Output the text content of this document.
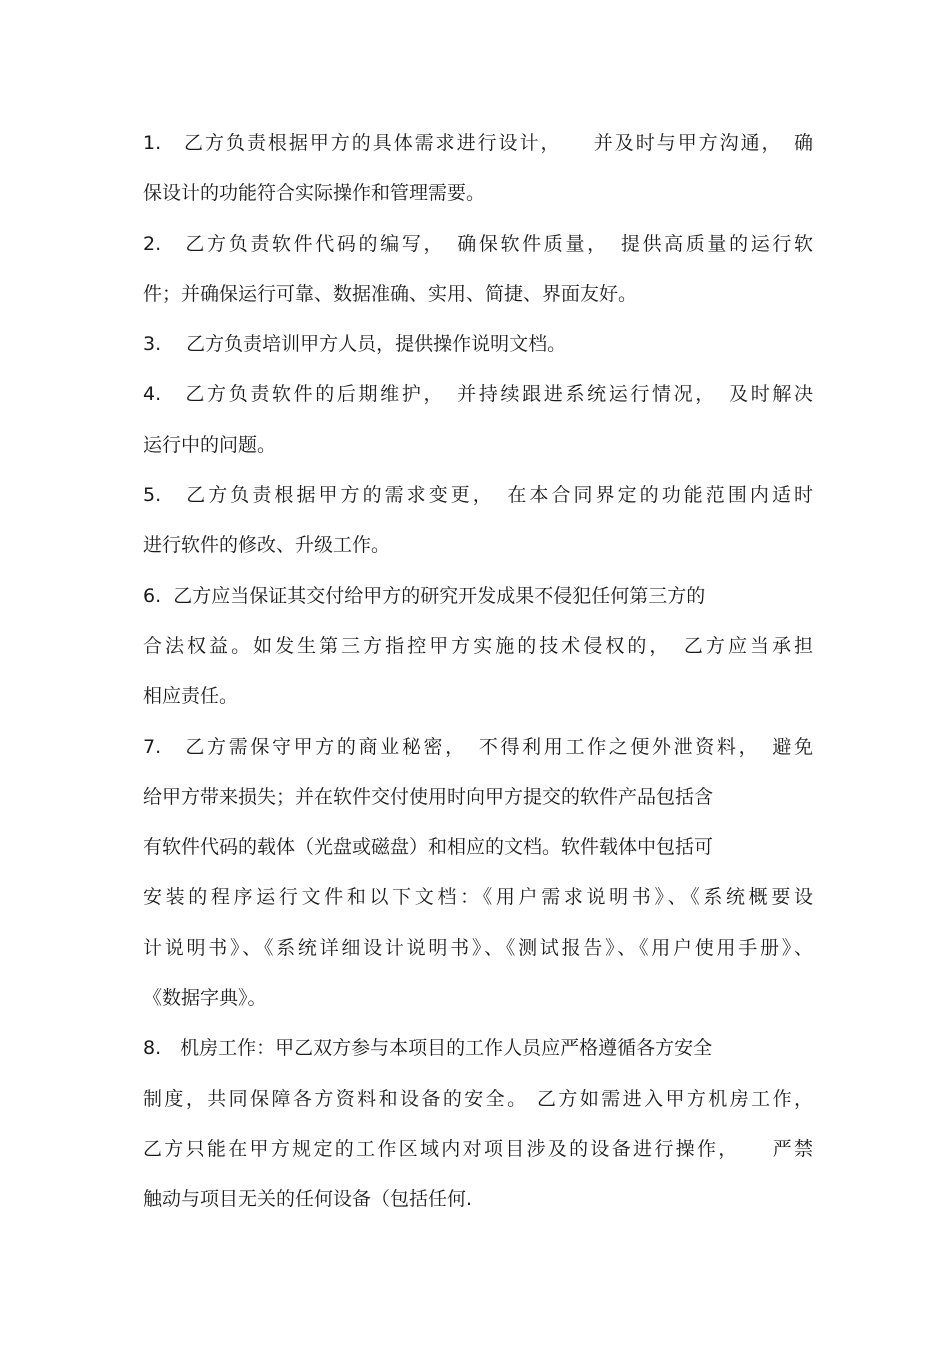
1.　乙方负责根据甲方的具体需求进行设计，　　并及时与甲方沟通，　确
保设计的功能符合实际操作和管理需要。
2.　乙方负责软件代码的编写，　确保软件质量，　提供高质量的运行软
件；并确保运行可靠、数据准确、实用、简捷、界面友好。
3.　 乙方负责培训甲方人员，提供操作说明文档。
4.　乙方负责软件的后期维护，　并持续跟进系统运行情况，　及时解决
运行中的问题。
5.　乙方负责根据甲方的需求变更，　在本合同界定的功能范围内适时
进行软件的修改、升级工作。
6.  乙方应当保证其交付给甲方的研究开发成果不侵犯任何第三方的
合法权益。如发生第三方指控甲方实施的技术侵权的，　乙方应当承担
相应责任。
7.　乙方需保守甲方的商业秘密，　不得利用工作之便外泄资料，　避免
给甲方带来损失；并在软件交付使用时向甲方提交的软件产品包括含
有软件代码的载体（光盘或磁盘）和相应的文档。软件载体中包括可
安装的程序运行文件和以下文档：《用户需求说明书》、《系统概要设
计说明书》、《系统详细设计说明书》、《测试报告》、《用户使用手册》、
《数据字典》。
8.　机房工作：甲乙双方参与本项目的工作人员应严格遵循各方安全
制度，共同保障各方资料和设备的安全。 乙方如需进入甲方机房工作，
乙方只能在甲方规定的工作区域内对项目涉及的设备进行操作，　　严禁
触动与项目无关的任何设备（包括任何.
